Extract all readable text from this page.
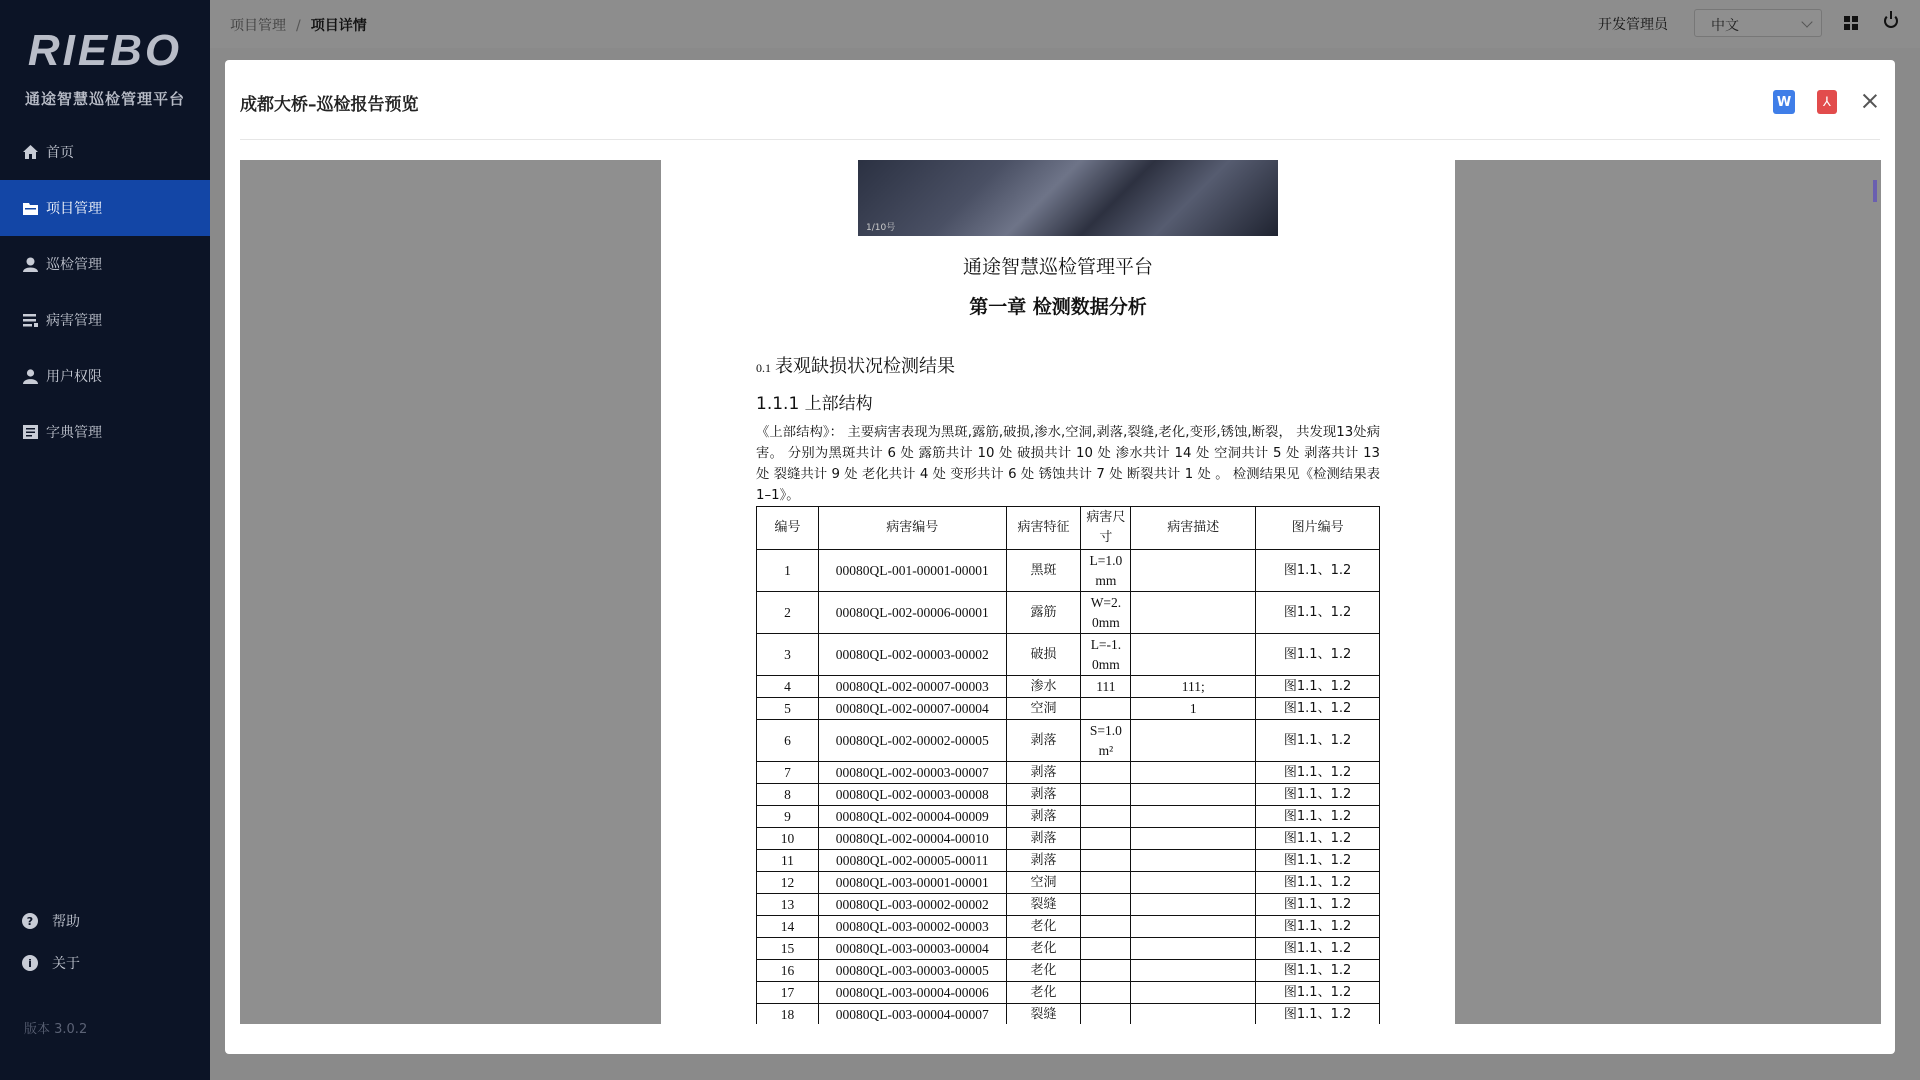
RIEBO
通途智慧巡检管理平台
首页
项目管理
巡检管理
病害管理
用户权限
字典管理
?	帮助
i	关于
版本 3.0.2
项目管理 / 项目详情	开发管理员	中文
成都大桥–巡检报告预览	W	⅄
1/10号
通途智慧巡检管理平台
第一章 检测数据分析
0.1 表观缺损状况检测结果
1.1.1 上部结构
《上部结构》： 主要病害表现为黑斑,露筋,破损,渗水,空洞,剥落,裂缝,老化,变形,锈蚀,断裂， 共发现13处病害。 分别为黑斑共计 6 处 露筋共计 10 处 破损共计 10 处 渗水共计 14 处 空洞共计 5 处 剥落共计 13 处 裂缝共计 9 处 老化共计 4 处 变形共计 6 处 锈蚀共计 7 处 断裂共计 1 处 。 检测结果见《检测结果表1–1》。
编号	病害编号	病害特征	病害尺寸	病害描述	图片编号
1	00080QL-001-00001-00001	黑斑	L=1.0 mm		图1.1、1.2
2	00080QL-002-00006-00001	露筋	W=2. 0mm		图1.1、1.2
3	00080QL-002-00003-00002	破损	L=-1. 0mm		图1.1、1.2
4	00080QL-002-00007-00003	渗水	111	111;	图1.1、1.2
5	00080QL-002-00007-00004	空洞		1	图1.1、1.2
6	00080QL-002-00002-00005	剥落	S=1.0 m²		图1.1、1.2
7	00080QL-002-00003-00007	剥落			图1.1、1.2
8	00080QL-002-00003-00008	剥落			图1.1、1.2
9	00080QL-002-00004-00009	剥落			图1.1、1.2
10	00080QL-002-00004-00010	剥落			图1.1、1.2
11	00080QL-002-00005-00011	剥落			图1.1、1.2
12	00080QL-003-00001-00001	空洞			图1.1、1.2
13	00080QL-003-00002-00002	裂缝			图1.1、1.2
14	00080QL-003-00002-00003	老化			图1.1、1.2
15	00080QL-003-00003-00004	老化			图1.1、1.2
16	00080QL-003-00003-00005	老化			图1.1、1.2
17	00080QL-003-00004-00006	老化			图1.1、1.2
18	00080QL-003-00004-00007	裂缝			图1.1、1.2
